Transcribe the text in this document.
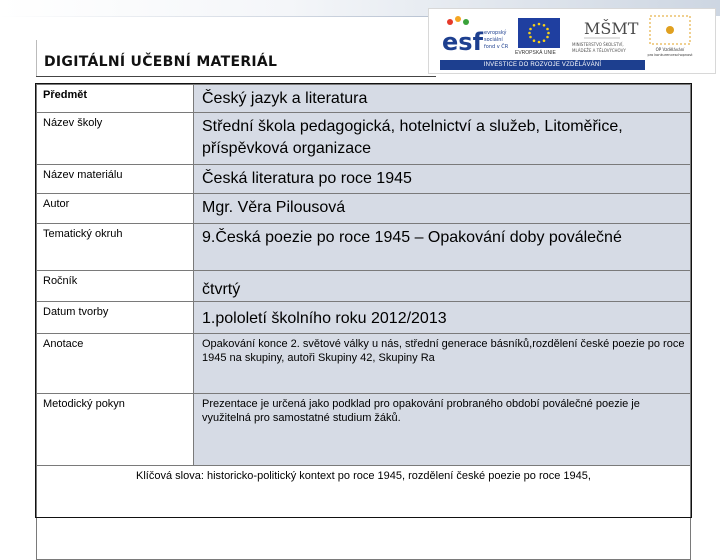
DIGITÁLNÍ UČEBNÍ MATERIÁL
esf evropský
sociální
fond v ČR
EVROPSKÁ UNIE
MŠMT
MINISTERSTVO ŠKOLSTVÍ,
MLÁDEŽE A TĚLOVÝCHOVY	OP Vzdělávání
pro konkurenceschopnost
INVESTICE DO ROZVOJE VZDĚLÁVÁNÍ
Předmět	Český jazyk a literatura
Název školy	Střední škola pedagogická, hotelnictví a služeb, Litoměřice, příspěvková organizace
Název materiálu	Česká literatura po roce 1945
Autor	Mgr. Věra Pilousová
Tematický okruh	9.Česká poezie po roce 1945 – Opakování doby poválečné
Ročník	čtvrtý
Datum tvorby	1.pololetí školního roku 2012/2013
Anotace	Opakování konce 2. světové války u nás, střední generace básníků,rozdělení české poezie po roce 1945 na skupiny, autoři Skupiny 42, Skupiny Ra
Metodický pokyn	Prezentace je určená jako podklad pro opakování probraného období poválečné poezie je využitelná pro samostatné studium žáků.

Klíčová slova: historicko-politický kontext po roce 1945, rozdělení české poezie po roce 1945,	
